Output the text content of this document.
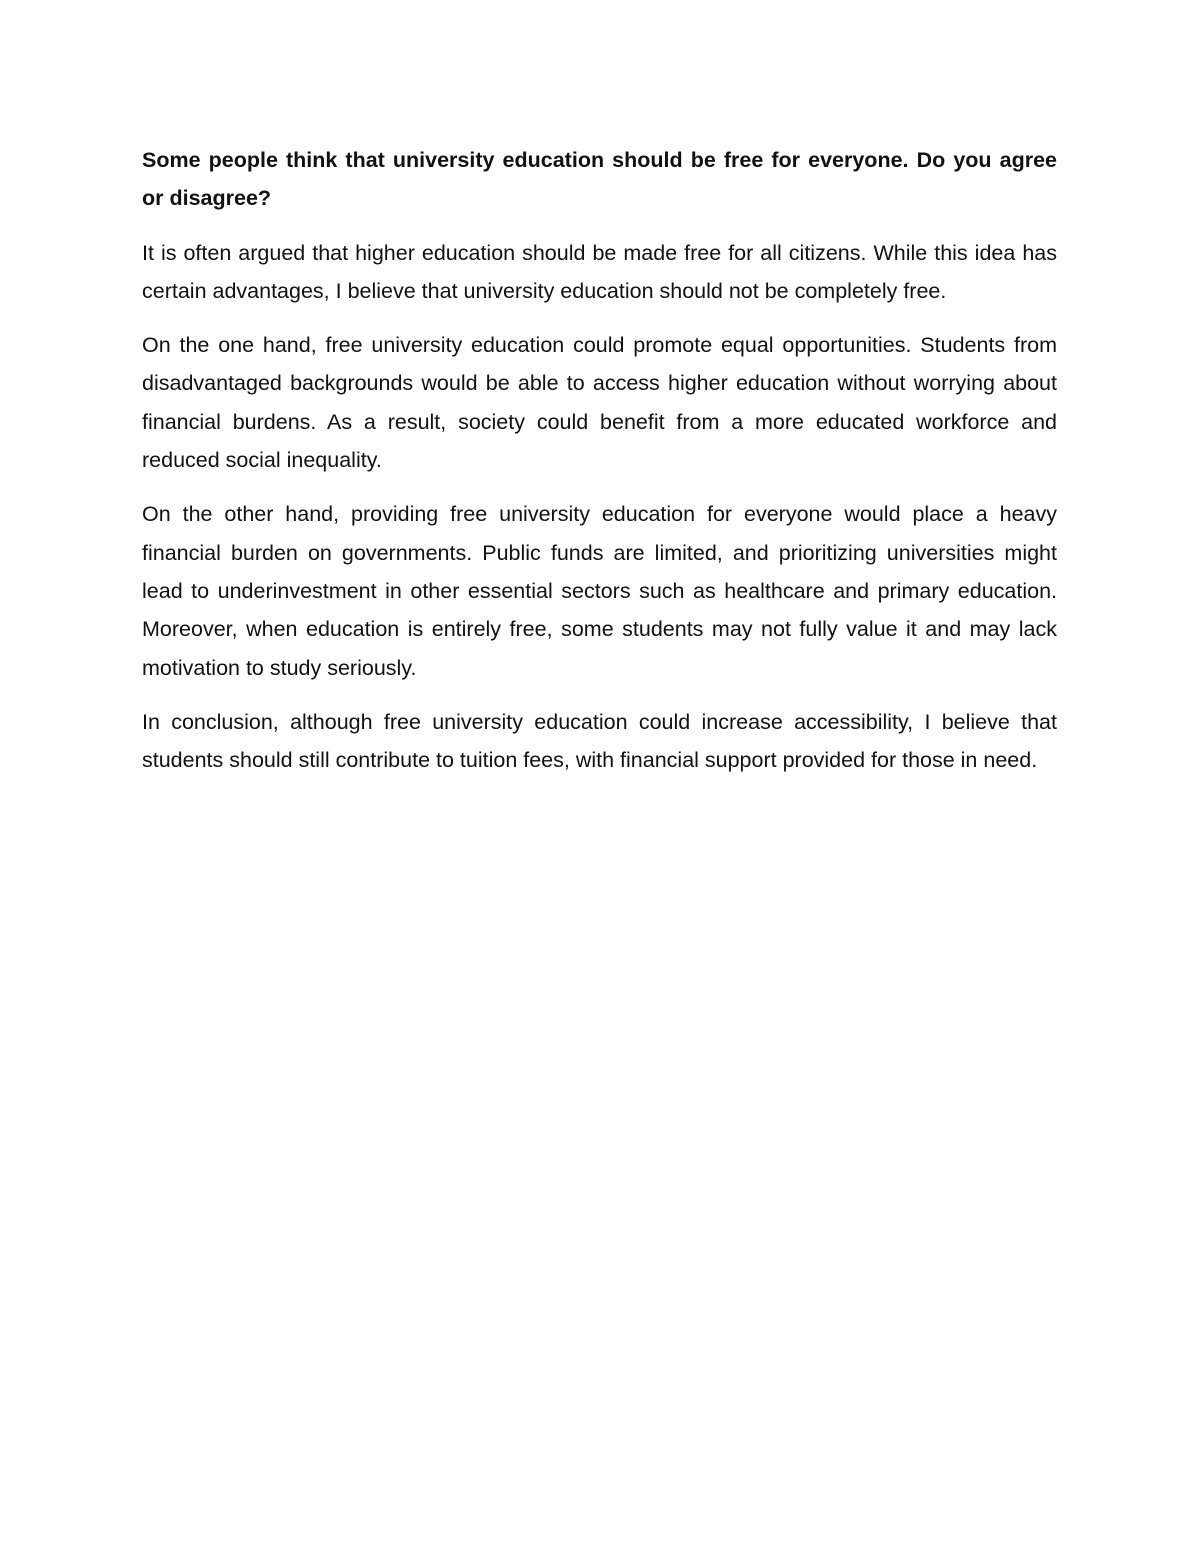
Some people think that university education should be free for everyone. Do you agree or disagree?

It is often argued that higher education should be made free for all citizens. While this idea has certain advantages, I believe that university education should not be completely free.

On the one hand, free university education could promote equal opportunities. Students from disadvantaged backgrounds would be able to access higher education without worrying about financial burdens. As a result, society could benefit from a more educated workforce and reduced social inequality.

On the other hand, providing free university education for everyone would place a heavy financial burden on governments. Public funds are limited, and prioritizing universities might lead to underinvestment in other essential sectors such as healthcare and primary education. Moreover, when education is entirely free, some students may not fully value it and may lack motivation to study seriously.

In conclusion, although free university education could increase accessibility, I believe that students should still contribute to tuition fees, with financial support provided for those in need.
